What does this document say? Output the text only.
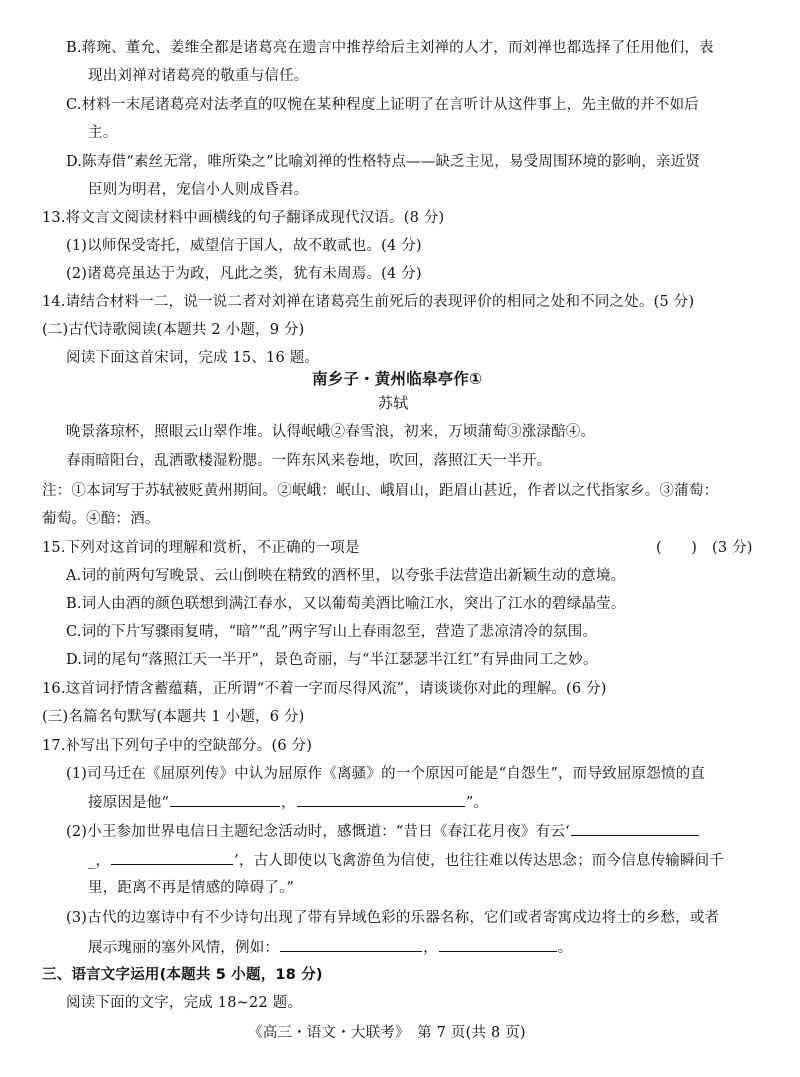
B.蒋琬、董允、姜维全都是诸葛亮在遗言中推荐给后主刘禅的人才，而刘禅也都选择了任用他们，表
现出刘禅对诸葛亮的敬重与信任。
C.材料一末尾诸葛亮对法孝直的叹惋在某种程度上证明了在言听计从这件事上，先主做的并不如后
主。
D.陈寿借“素丝无常，唯所染之”比喻刘禅的性格特点——缺乏主见，易受周围环境的影响，亲近贤
臣则为明君，宠信小人则成昏君。
13.将文言文阅读材料中画横线的句子翻译成现代汉语。(8 分)
(1)以师保受寄托，威望信于国人，故不敢贰也。(4 分)
(2)诸葛亮虽达于为政，凡此之类，犹有未周焉。(4 分)
14.请结合材料一二，说一说二者对刘禅在诸葛亮生前死后的表现评价的相同之处和不同之处。(5 分)
(二)古代诗歌阅读(本题共 2 小题，9 分)
阅读下面这首宋词，完成 15、16 题。
南乡子・黄州临皋亭作①
苏轼
晚景落琼杯，照眼云山翠作堆。认得岷峨②春雪浪，初来，万顷蒲萄③涨渌醅④。
春雨暗阳台，乱洒歌楼湿粉腮。一阵东风来卷地，吹回，落照江天一半开。
注：①本词写于苏轼被贬黄州期间。②岷峨：岷山、峨眉山，距眉山甚近，作者以之代指家乡。③蒲萄：
葡萄。④醅：酒。
15.下列对这首词的理解和赏析，不正确的一项是	(　　) (3 分)
A.词的前两句写晚景、云山倒映在精致的酒杯里，以夸张手法营造出新颖生动的意境。
B.词人由酒的颜色联想到满江春水，又以葡萄美酒比喻江水，突出了江水的碧绿晶莹。
C.词的下片写骤雨复晴，“暗”“乱”两字写山上春雨忽至，营造了悲凉清冷的氛围。
D.词的尾句“落照江天一半开”，景色奇丽，与“半江瑟瑟半江红”有异曲同工之妙。
16.这首词抒情含蓄蕴藉，正所谓“不着一字而尽得风流”，请谈谈你对此的理解。(6 分)
(三)名篇名句默写(本题共 1 小题，6 分)
17.补写出下列句子中的空缺部分。(6 分)
(1)司马迁在《屈原列传》中认为屈原作《离骚》的一个原因可能是“自怨生”，而导致屈原怨愤的直
接原因是他“	，	”。
(2)小王参加世界电信日主题纪念活动时，感慨道：“昔日《春江花月夜》有云‘
_，	’，古人即使以飞禽游鱼为信使，也往往难以传达思念；而今信息传输瞬间千
里，距离不再是情感的障碍了。”
(3)古代的边塞诗中有不少诗句出现了带有异域色彩的乐器名称，它们或者寄寓戍边将士的乡愁，或者
展示瑰丽的塞外风情，例如：	，	。
三、语言文字运用(本题共 5 小题，18 分)
阅读下面的文字，完成 18~22 题。
《高三・语文・大联考》　第 7 页(共 8 页)
